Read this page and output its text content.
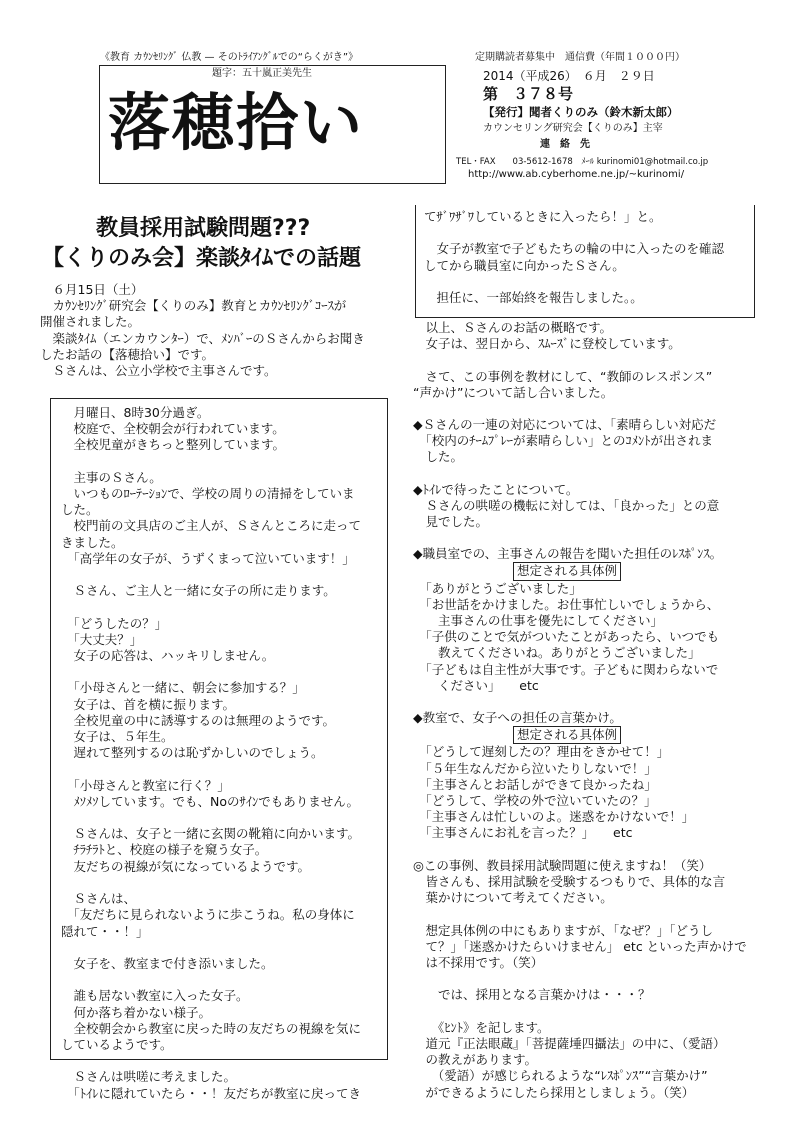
《教育 カｳﾝｾﾘﾝｸﾞ 仏教 — そのﾄﾗｲｱﾝｸﾞﾙでの“らくがき”》	定期購読者募集中　通信費（年間１０００円）
題字：五十嵐正美先生
落穂拾い
2014（平成26）　６月　２９日
第　３７８号
【発行】聞者くりのみ（鈴木新太郎）
カウンセリング研究会【くりのみ】主宰
連　絡　先
TEL・FAX　　03-5612-1678　ﾒｰﾙ kurinomi01@hotmail.co.jp
http://www.ab.cyberhome.ne.jp/~kurinomi/
教員採用試験問題???
【くりのみ会】楽談ﾀｲﾑでの話題

　６月15日（土）
　カｳﾝｾﾘﾝｸﾞ研究会【くりのみ】教育とカｳﾝｾﾘﾝｸﾞｺｰｽが
開催されました。
　楽談ﾀｲﾑ（エンカウンﾀｰ）で、ﾒﾝﾊﾞｰのＳさんからお聞き
したお話の【落穂拾い】です。
　Ｓさんは、公立小学校で主事さんです。

　月曜日、8時30分過ぎ。
　校庭で、全校朝会が行われています。
　全校児童がきちっと整列しています。

　主事のＳさん。
　いつものﾛｰﾃｰｼｮﾝで、学校の周りの清掃をしていま
した。
　校門前の文具店のご主人が、Ｓさんところに走って
きました。
　「高学年の女子が、うずくまって泣いています！」

　Ｓさん、ご主人と一緒に女子の所に走ります。

　「どうしたの？」
　「大丈夫？」
　女子の応答は、ハッキリしません。

　「小母さんと一緒に、朝会に参加する？」
　女子は、首を横に振ります。
　全校児童の中に誘導するのは無理のようです。
　女子は、５年生。
　遅れて整列するのは恥ずかしいのでしょう。

　「小母さんと教室に行く？」
　ﾒｿﾒｿしています。でも、Noのｻｲﾝでもありません。

　Ｓさんは、女子と一緒に玄関の靴箱に向かいます。
　ﾁﾗﾁﾗﾄと、校庭の様子を窺う女子。
　友だちの視線が気になっているようです。

　Ｓさんは、
　「友だちに見られないように歩こうね。私の身体に
隠れて・・！」

　女子を、教室まで付き添いました。

　誰も居ない教室に入った女子。
　何か落ち着かない様子。
　全校朝会から教室に戻った時の友だちの視線を気に
しているようです。

　Ｓさんは哄嗟に考えました。
　「ﾄｲﾚに隠れていたら・・！友だちが教室に戻ってき

てｻﾞﾜｻﾞﾜしているときに入ったら！」と。

　女子が教室で子どもたちの輪の中に入ったのを確認
してから職員室に向かったＳさん。

　担任に、一部始終を報告しました。。

　以上、Ｓさんのお話の概略です。
　女子は、翌日から、ｽﾑｰｽﾞに登校しています。

　さて、この事例を教材にして、“教師のレスポンス”
“声かけ”について話し合いました。

◆Ｓさんの一連の対応については、「素晴らしい対応だ
　「校内のﾁｰﾑﾌﾟﾚｰが素晴らしい」とのｺﾒﾝﾄが出されま
　した。

◆ﾄｲﾚで待ったことについて。
　Ｓさんの哄嗟の機転に対しては、「良かった」との意
　見でした。

◆職員室での、主事さんの報告を聞いた担任のﾚｽﾎﾟﾝｽ。

想定される具体例

　「ありがとうございました」
　「お世話をかけました。お仕事忙しいでしょうから、
　　主事さんの仕事を優先にしてください」
　「子供のことで気がついたことがあったら、いつでも
　　教えてくださいね。ありがとうございました」
　「子どもは自主性が大事です。子どもに関わらないで
　　ください」　　etc

◆教室で、女子への担任の言葉かけ。

想定される具体例

　「どうして遅刻したの？理由をきかせて！」
　「５年生なんだから泣いたりしないで！」
　「主事さんとお話しができて良かったね」
　「どうして、学校の外で泣いていたの？」
　「主事さんは忙しいのよ。迷惑をかけないで！」
　「主事さんにお礼を言った？」　　etc

◎この事例、教員採用試験問題に使えますね！（笑）
　皆さんも、採用試験を受験するつもりで、具体的な言
　葉かけについて考えてください。

　想定具体例の中にもありますが、「なぜ？」「どうし
　て？」「迷惑かけたらいけません」 etc といった声かけで
　は不採用です。（笑）

　　では、採用となる言葉かけは・・・？

　　《ﾋﾝﾄ》を記します。
　道元『正法眼蔵』「菩提薩埵四攝法」の中に、（愛語）
　の教えがあります。
　　（愛語）が感じられるような“ﾚｽﾎﾟﾝｽ”“言葉かけ”
　ができるようにしたら採用としましょう。（笑）
